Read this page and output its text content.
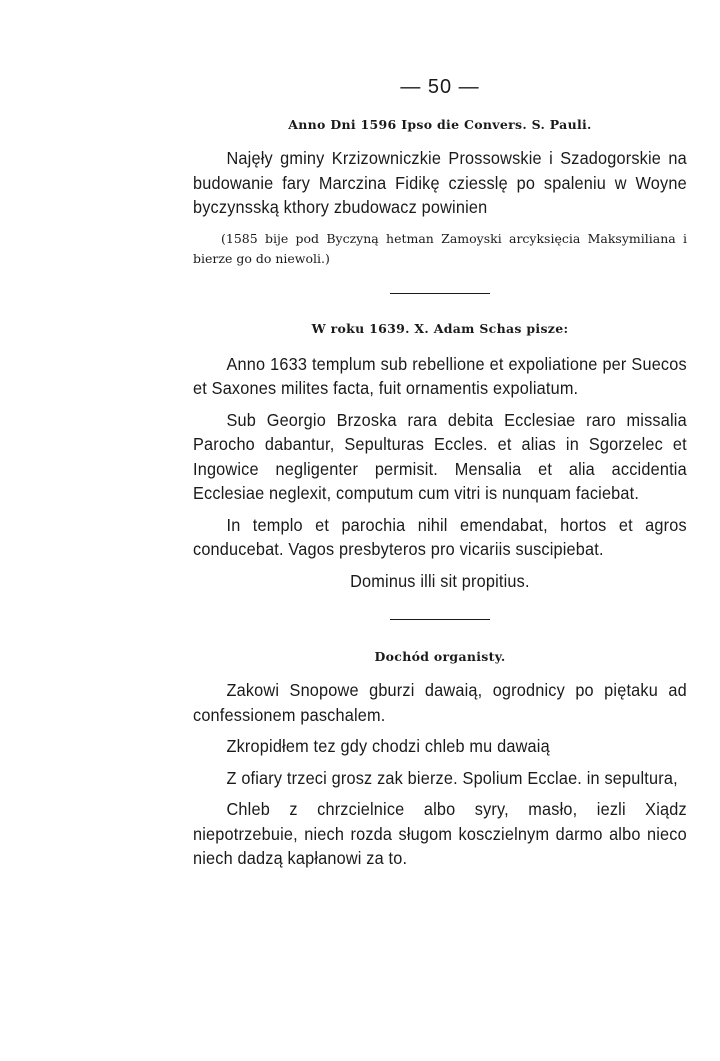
— 50 —

Anno Dni 1596 Ipso die Convers. S. Pauli.

Najęły gminy Krzizowniczkie Prossowskie i Szadogorskie na budowanie fary Marczina Fidikę cziesslę po spaleniu w Woyne byczynsską kthory zbudowacz powinien

(1585 bije pod Byczyną hetman Zamoyski arcyksięcia Maksymiliana i bierze go do niewoli.)

W roku 1639. X. Adam Schas pisze:

Anno 1633 templum sub rebellione et expoliatione per Suecos et Saxones milites facta, fuit ornamentis expoliatum.

Sub Georgio Brzoska rara debita Ecclesiae raro missalia Parocho dabantur, Sepulturas Eccles. et alias in Sgorzelec et Ingowice negligenter permisit. Mensalia et alia accidentia Ecclesiae neglexit, computum cum vitri is nunquam faciebat.

In templo et parochia nihil emendabat, hortos et agros conducebat. Vagos presbyteros pro vicariis suscipiebat.

Dominus illi sit propitius.

Dochód organisty.

Zakowi Snopowe gburzi dawaią, ogrodnicy po piętaku ad confessionem paschalem.

Zkropidłem tez gdy chodzi chleb mu dawaią

Z ofiary trzeci grosz zak bierze. Spolium Ecclae. in sepultura,

Chleb z chrzcielnice albo syry, masło, iezli Xiądz niepotrzebuie, niech rozda sługom kosczielnym darmo albo nieco niech dadzą kapłanowi za to.
